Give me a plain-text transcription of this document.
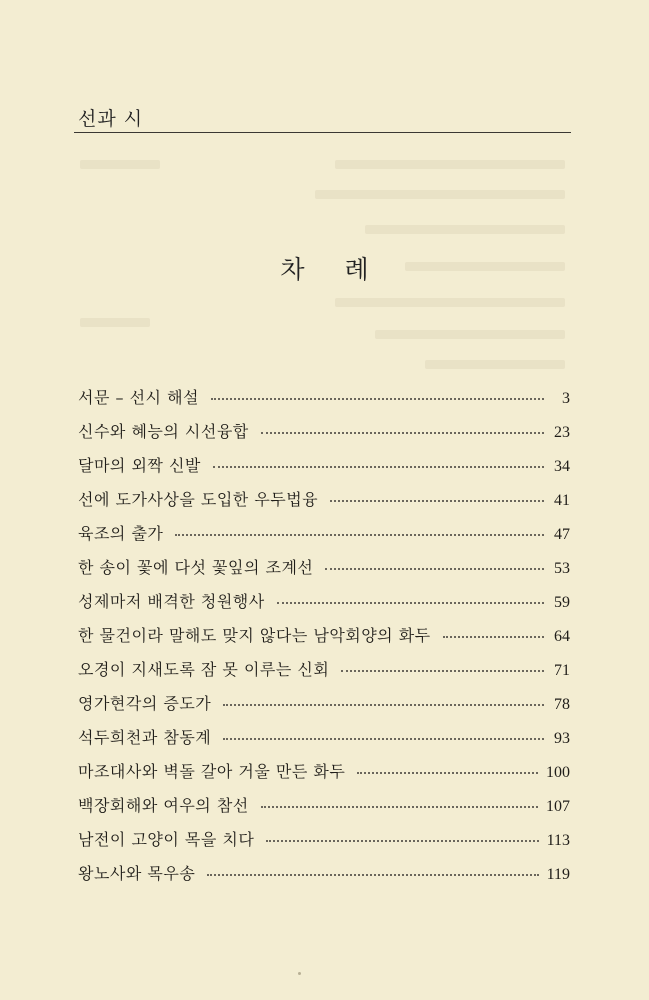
선과 시
차 례
서문 – 선시 해설	3
신수와 혜능의 시선융합	23
달마의 외짝 신발	34
선에 도가사상을 도입한 우두법융	41
육조의 출가	47
한 송이 꽃에 다섯 꽃잎의 조계선	53
성제마저 배격한 청원행사	59
한 물건이라 말해도 맞지 않다는 남악회양의 화두	64
오경이 지새도록 잠 못 이루는 신회	71
영가현각의 증도가	78
석두희천과 참동계	93
마조대사와 벽돌 갈아 거울 만든 화두	100
백장회해와 여우의 참선	107
남전이 고양이 목을 치다	113
왕노사와 목우송	119
